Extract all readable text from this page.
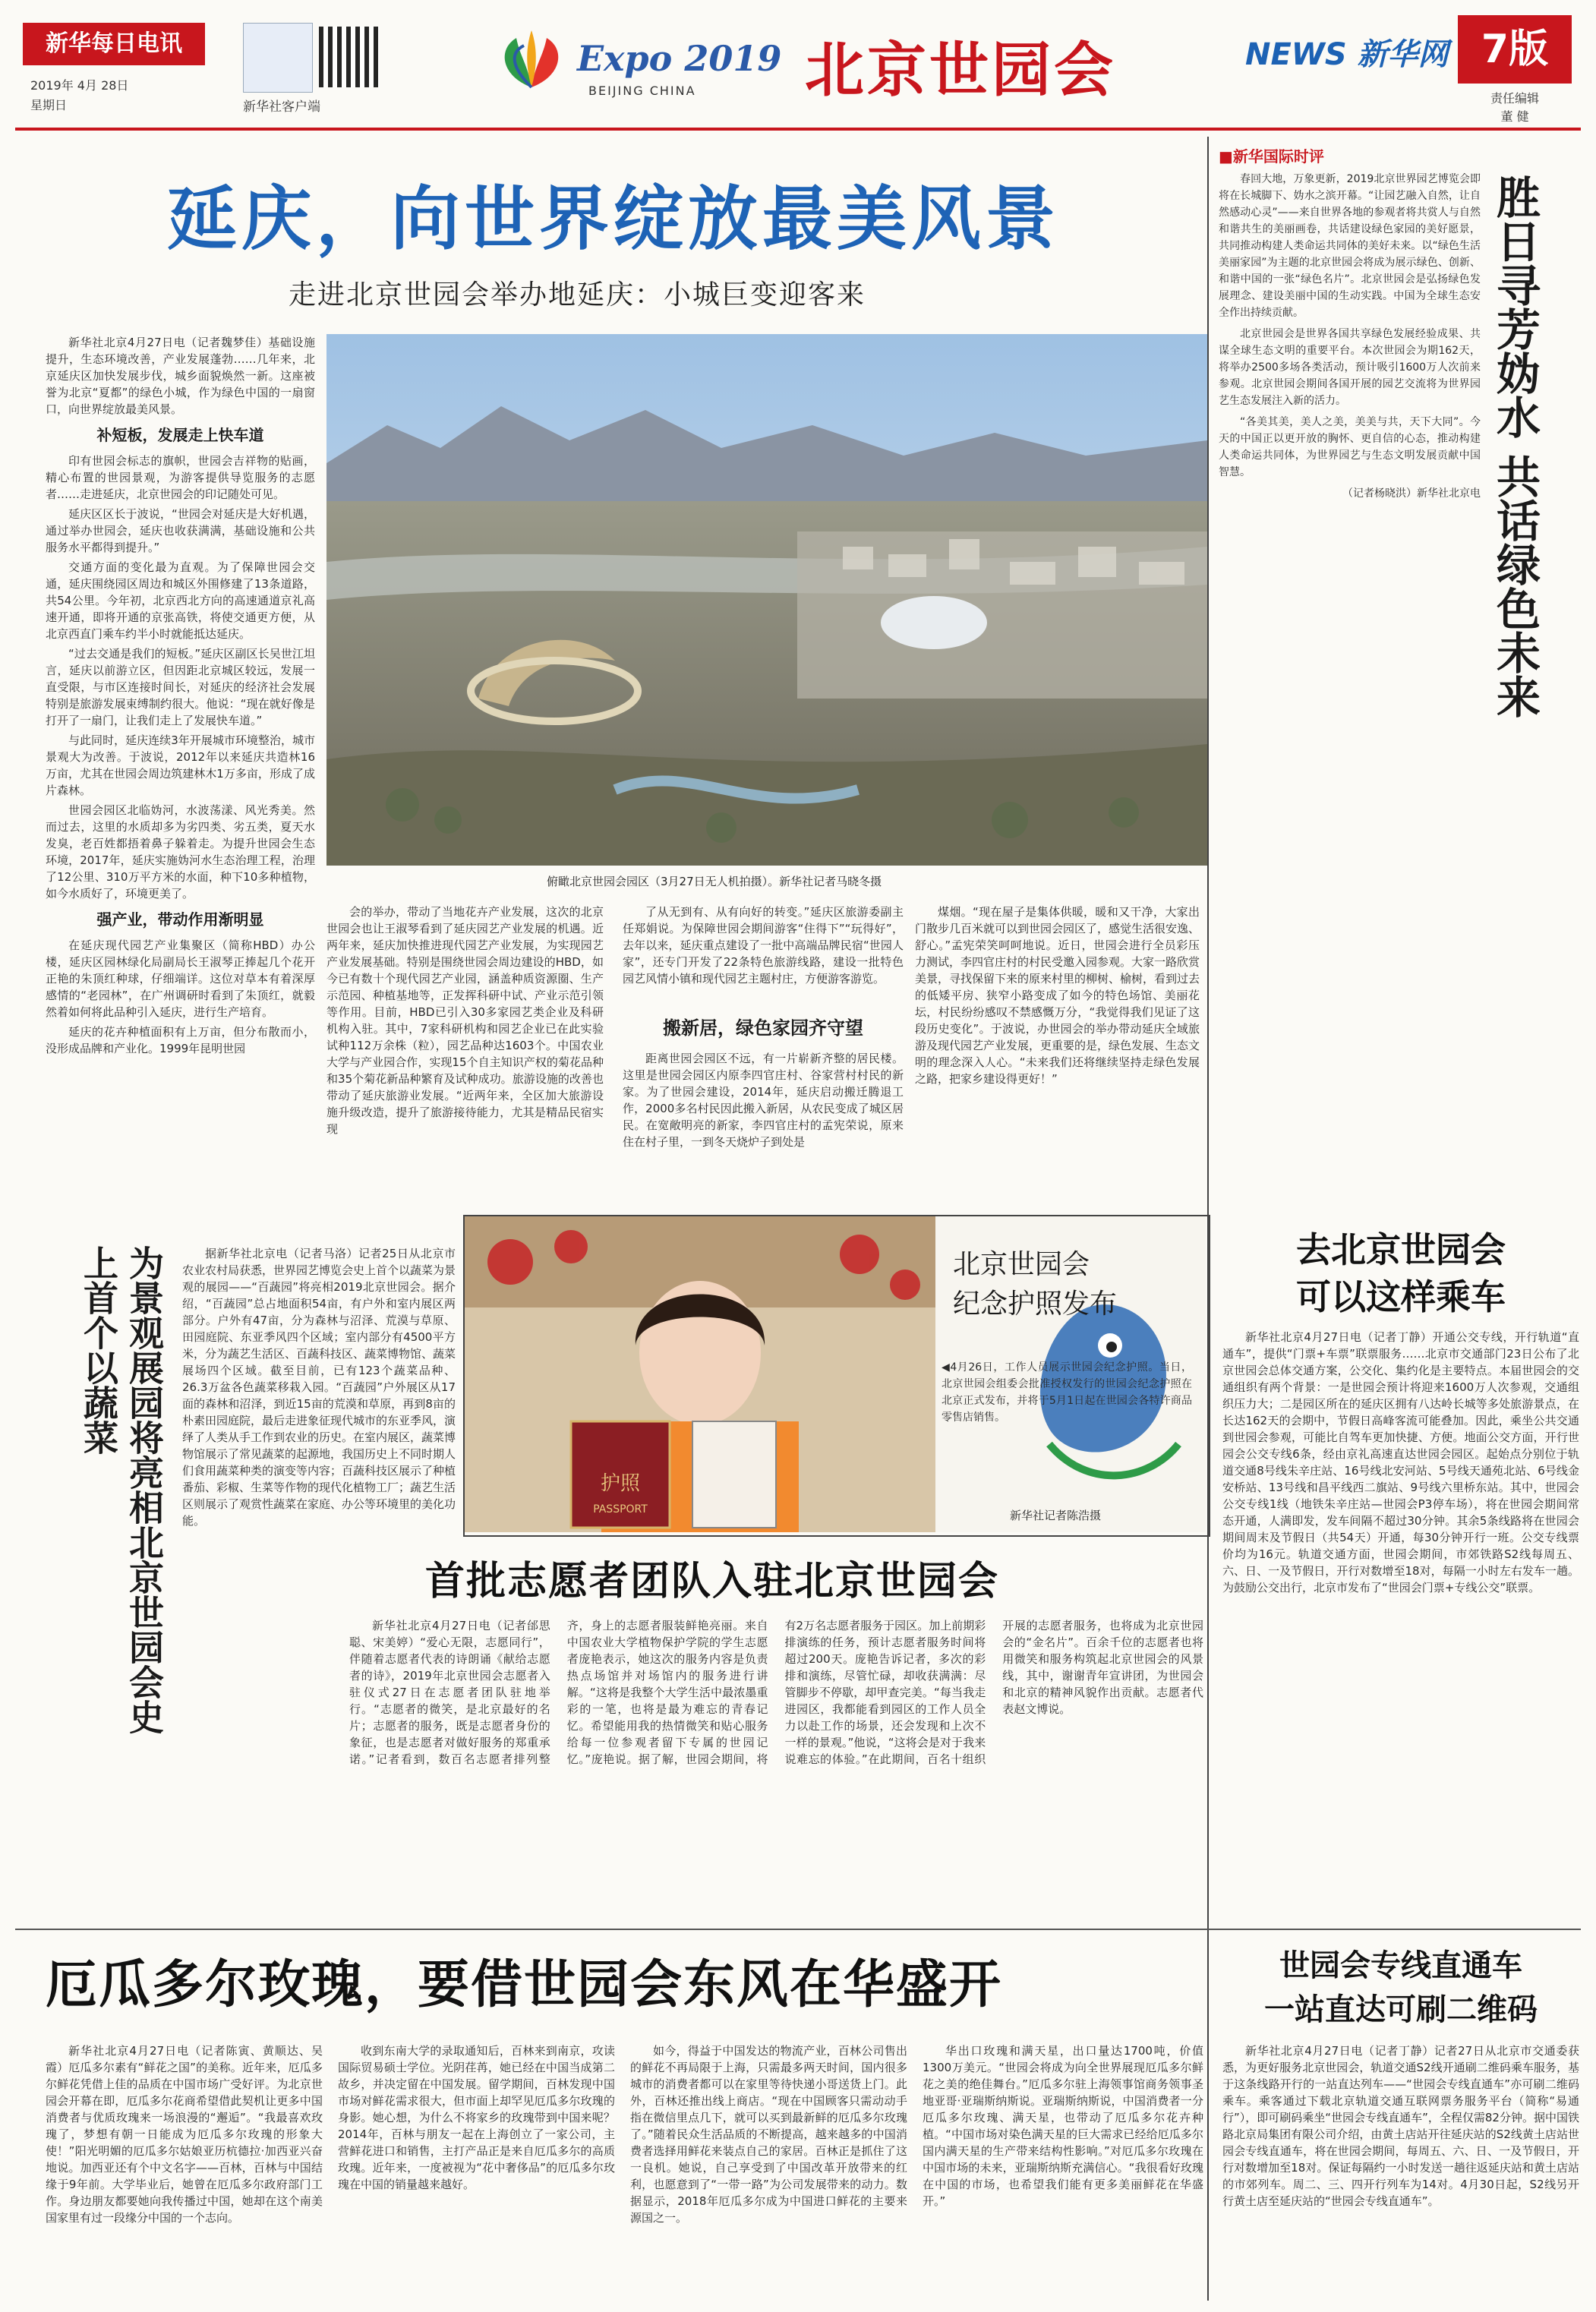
新华每日电讯
2019年 4月 28日
星期日	新华社客户端
Expo 2019
BEIJING CHINA 北京世园会	NEWS 新华网 7版
责任编辑
董 健
延庆，向世界绽放最美风景
走进北京世园会举办地延庆：小城巨变迎客来

新华社北京4月27日电（记者魏梦佳）基础设施提升，生态环境改善，产业发展蓬勃……几年来，北京延庆区加快发展步伐，城乡面貌焕然一新。这座被誉为北京“夏都”的绿色小城，作为绿色中国的一扇窗口，向世界绽放最美风景。

补短板，发展走上快车道

印有世园会标志的旗帜，世园会吉祥物的贴画，精心布置的世园景观，为游客提供导览服务的志愿者……走进延庆，北京世园会的印记随处可见。

延庆区区长于波说，“世园会对延庆是大好机遇，通过举办世园会，延庆也收获满满，基础设施和公共服务水平都得到提升。”

交通方面的变化最为直观。为了保障世园会交通，延庆围绕园区周边和城区外围修建了13条道路，共54公里。今年初，北京西北方向的高速通道京礼高速开通，即将开通的京张高铁，将使交通更方便，从北京西直门乘车约半小时就能抵达延庆。

“过去交通是我们的短板。”延庆区副区长吴世江坦言，延庆以前游立区，但因距北京城区较远，发展一直受限，与市区连接时间长，对延庆的经济社会发展特别是旅游发展束缚制约很大。他说：“现在就好像是打开了一扇门，让我们走上了发展快车道。”

与此同时，延庆连续3年开展城市环境整治，城市景观大为改善。于波说，2012年以来延庆共造林16万亩，尤其在世园会周边筑建林木1万多亩，形成了成片森林。

世园会园区北临妫河，水波荡漾、风光秀美。然而过去，这里的水质却多为劣四类、劣五类，夏天水发臭，老百姓都捂着鼻子躲着走。为提升世园会生态环境，2017年，延庆实施妫河水生态治理工程，治理了12公里、310万平方米的水面，种下10多种植物，如今水质好了，环境更美了。

强产业，带动作用渐明显

在延庆现代园艺产业集聚区（简称HBD）办公楼，延庆区园林绿化局副局长王淑琴正捧起几个花开正艳的朱顶红种球，仔细端详。这位对草本有着深厚感情的“老园林”，在广州调研时看到了朱顶红，就毅然着如何将此品种引入延庆，进行生产培育。

延庆的花卉种植面积有上万亩，但分布散而小，没形成品牌和产业化。1999年昆明世园

俯瞰北京世园会园区（3月27日无人机拍摄）。新华社记者马晓冬摄
会的举办，带动了当地花卉产业发展，这次的北京世园会也让王淑琴看到了延庆园艺产业发展的机遇。近两年来，延庆加快推进现代园艺产业发展，为实现园艺产业发展基础。特别是围绕世园会周边建设的HBD，如今已有数十个现代园艺产业园，涵盖种质资源圈、生产示范园、种植基地等，正发挥科研中试、产业示范引领等作用。目前，HBD已引入30多家园艺类企业及科研机构入驻。其中，7家科研机构和园艺企业已在此实验试种112万余株（粒），园艺品种达1603个。中国农业大学与产业园合作，实现15个自主知识产权的菊花品种和35个菊花新品种繁育及试种成功。旅游设施的改善也带动了延庆旅游业发展。“近两年来，全区加大旅游设施升级改造，提升了旅游接待能力，尤其是精品民宿实现
了从无到有、从有向好的转变。”延庆区旅游委副主任郑娟说。为保障世园会期间游客“住得下”“玩得好”，去年以来，延庆重点建设了一批中高端品牌民宿“世园人家”，还专门开发了22条特色旅游线路，建设一批特色园艺风情小镇和现代园艺主题村庄，方便游客游览。
搬新居，绿色家园齐守望
距离世园会园区不远，有一片崭新齐整的居民楼。这里是世园会园区内原李四官庄村、谷家营村村民的新家。为了世园会建设，2014年，延庆启动搬迁腾退工作，2000多名村民因此搬入新居，从农民变成了城区居民。在宽敞明亮的新家，李四官庄村的孟宪荣说，原来住在村子里，一到冬天烧炉子到处是
煤烟。“现在屋子是集体供暖，暖和又干净，大家出门散步几百米就可以到世园会园区了，感觉生活很安逸、舒心。”孟宪荣笑呵呵地说。近日，世园会进行全员彩压力测试，李四官庄村的村民受邀入园参观。大家一路欣赏美景，寻找保留下来的原来村里的柳树、榆树，看到过去的低矮平房、狭窄小路变成了如今的特色场馆、美丽花坛，村民纷纷感叹不禁感慨万分，“我觉得我们见证了这段历史变化”。于波说，办世园会的举办带动延庆全域旅游及现代园艺产业发展，更重要的是，绿色发展、生态文明的理念深入人心。“未来我们还将继续坚持走绿色发展之路，把家乡建设得更好！”
■新华国际时评

春回大地，万象更新，2019北京世界园艺博览会即将在长城脚下、妫水之滨开幕。“让园艺融入自然，让自然感动心灵”——来自世界各地的参观者将共赏人与自然和谐共生的美丽画卷，共话建设绿色家园的美好愿景，共同推动构建人类命运共同体的美好未来。以“绿色生活 美丽家园”为主题的北京世园会将成为展示绿色、创新、和谐中国的一张“绿色名片”。北京世园会是弘扬绿色发展理念、建设美丽中国的生动实践。中国为全球生态安全作出持续贡献。

北京世园会是世界各国共享绿色发展经验成果、共谋全球生态文明的重要平台。本次世园会为期162天，将举办2500多场各类活动，预计吸引1600万人次前来参观。北京世园会期间各国开展的园艺交流将为世界园艺生态发展注入新的活力。

“各美其美，美人之美，美美与共，天下大同”。今天的中国正以更开放的胸怀、更自信的心态，推动构建人类命运共同体，为世界园艺与生态文明发展贡献中国智慧。

（记者杨晓洪）新华社北京电 胜日寻芳妫水 共话绿色未来
为景观展园将亮相北京世园会史上首个以蔬菜	据新华社北京电（记者马洛）记者25日从北京市农业农村局获悉，世界园艺博览会史上首个以蔬菜为景观的展园——“百蔬园”将亮相2019北京世园会。据介绍，“百蔬园”总占地面积54亩，有户外和室内展区两部分。户外有47亩，分为森林与沼泽、荒漠与草原、田园庭院、东亚季风四个区域；室内部分有4500平方米，分为蔬艺生活区、百蔬科技区、蔬菜博物馆、蔬菜展场四个区域。截至目前，已有123个蔬菜品种、26.3万盆各色蔬菜移栽入园。“百蔬园”户外展区从17面的森林和沼泽，到近15亩的荒漠和草原，再到8亩的朴素田园庭院，最后走进象征现代城市的东亚季风，演绎了人类从手工作到农业的历史。在室内展区，蔬菜博物馆展示了常见蔬菜的起源地，我国历史上不同时期人们食用蔬菜种类的演变等内容；百蔬科技区展示了种植番茄、彩椒、生菜等作物的现代化植物工厂；蔬艺生活区则展示了观赏性蔬菜在家庭、办公等环境里的美化功能。
护照
PASSPORT
北京世园会
纪念护照发布
◀4月26日，工作人员展示世园会纪念护照。当日，北京世园会组委会批准授权发行的世园会纪念护照在北京正式发布，并将于5月1日起在世园会各特许商品零售店销售。
新华社记者陈浩摄
首批志愿者团队入驻北京世园会
新华社北京4月27日电（记者邰思聪、宋美婷）“爱心无限，志愿同行”，伴随着志愿者代表的诗朗诵《献给志愿者的诗》，2019年北京世园会志愿者入驻仪式27日在志愿者团队驻地举行。“志愿者的微笑，是北京最好的名片；志愿者的服务，既是志愿者身份的象征，也是志愿者对做好服务的郑重承诺。”记者看到，数百名志愿者排列整齐，身上的志愿者服装鲜艳亮丽。来自中国农业大学植物保护学院的学生志愿者庞艳表示，她这次的服务内容是负责热点场馆并对场馆内的服务进行讲解。“这将是我整个大学生活中最浓墨重彩的一笔，也将是最为难忘的青春记忆。希望能用我的热情微笑和贴心服务给每一位参观者留下专属的世园记忆。”庞艳说。据了解，世园会期间，将有2万名志愿者服务于园区。加上前期彩排演练的任务，预计志愿者服务时间将超过200天。庞艳告诉记者，多次的彩排和演练，尽管忙碌，却收获满满：尽管脚步不停歇，却甲查完美。“每当我走进园区，我都能看到园区的工作人员全力以赴工作的场景，还会发现和上次不一样的景观。”他说，“这将会是对于我来说难忘的体验。”在此期间，百名十组织开展的志愿者服务，也将成为北京世园会的“金名片”。百余千位的志愿者也将用微笑和服务构筑起北京世园会的风景线，其中，谢谢青年宣讲团，为世园会和北京的精神风貌作出贡献。志愿者代表赵文博说。
去北京世园会
可以这样乘车
新华社北京4月27日电（记者丁静）开通公交专线，开行轨道“直通车”，提供“门票+车票”联票服务……北京市交通部门23日公布了北京世园会总体交通方案，公交化、集约化是主要特点。本届世园会的交通组织有两个背景：一是世园会预计将迎来1600万人次参观，交通组织压力大；二是园区所在的延庆区拥有八达岭长城等多处旅游景点，在长达162天的会期中，节假日高峰客流可能叠加。因此，乘坐公共交通到世园会参观，可能比自驾车更加快捷、方便。地面公交方面，开行世园会公交专线6条，经由京礼高速直达世园会园区。起始点分别位于轨道交通8号线朱辛庄站、16号线北安河站、5号线天通苑北站、6号线金安桥站、13号线和昌平线西二旗站、9号线六里桥东站。其中，世园会公交专线1线（地铁朱辛庄站—世园会P3停车场），将在世园会期间常态开通，人满即发，发车间隔不超过30分钟。其余5条线路将在世园会期间周末及节假日（共54天）开通，每30分钟开行一班。公交专线票价均为16元。轨道交通方面，世园会期间，市郊铁路S2线每周五、六、日、一及节假日，开行对数增至18对，每隔一小时左右发车一趟。为鼓励公交出行，北京市发布了“世园会门票+专线公交”联票。
世园会专线直通车
一站直达可刷二维码
新华社北京4月27日电（记者丁静）记者27日从北京市交通委获悉，为更好服务北京世园会，轨道交通S2线开通刷二维码乘车服务，基于这条线路开行的一站直达列车——“世园会专线直通车”亦可刷二维码乘车。乘客通过下载北京轨道交通互联网票务服务平台（简称“易通行”），即可刷码乘坐“世园会专线直通车”，全程仅需82分钟。据中国铁路北京局集团有限公司介绍，由黄土店站开往延庆站的S2线黄土店站世园会专线直通车，将在世园会期间，每周五、六、日、一及节假日，开行对数增加至18对。保证每隔约一小时发送一趟往返延庆站和黄土店站的市郊列车。周二、三、四开行列车为14对。4月30日起，S2线另开行黄土店至延庆站的“世园会专线直通车”。
厄瓜多尔玫瑰，要借世园会东风在华盛开
新华社北京4月27日电（记者陈寅、黄顺达、吴霞）厄瓜多尔素有“鲜花之国”的美称。近年来，厄瓜多尔鲜花凭借上佳的品质在中国市场广受好评。为北京世园会开幕在即，厄瓜多尔花商希望借此契机让更多中国消费者与优质玫瑰来一场浪漫的“邂逅”。“我最喜欢玫瑰了，梦想有朝一日能成为厄瓜多尔玫瑰的形象大使！”阳光明媚的厄瓜多尔姑娘亚历杭德拉·加西亚兴奋地说。加西亚还有个中文名字——百林，百林与中国结缘于9年前。大学毕业后，她曾在厄瓜多尔政府部门工作。身边朋友都要她向我传播过中国，她却在这个南美国家里有过一段缘分中国的一个志向。
收到东南大学的录取通知后，百林来到南京，攻读国际贸易硕士学位。光阴荏苒，她已经在中国当成第二故乡，并决定留在中国发展。留学期间，百林发现中国市场对鲜花需求很大，但市面上却罕见厄瓜多尔玫瑰的身影。她心想，为什么不将家乡的玫瑰带到中国来呢？2014年，百林与朋友一起在上海创立了一家公司，主营鲜花进口和销售，主打产品正是来自厄瓜多尔的高质玫瑰。近年来，一度被视为“花中奢侈品”的厄瓜多尔玫瑰在中国的销量越来越好。
如今，得益于中国发达的物流产业，百林公司售出的鲜花不再局限于上海，只需最多两天时间，国内很多城市的消费者都可以在家里等待快递小哥送货上门。此外，百林还推出线上商店。“现在中国顾客只需动动手指在微信里点几下，就可以买到最新鲜的厄瓜多尔玫瑰了。”随着民众生活品质的不断提高，越来越多的中国消费者选择用鲜花来装点自己的家居。百林正是抓住了这一良机。她说，自己享受到了中国改革开放带来的红利，也愿意到了“一带一路”为公司发展带来的动力。数据显示，2018年厄瓜多尔成为中国进口鲜花的主要来源国之一。
华出口玫瑰和满天星，出口量达1700吨，价值1300万美元。“世园会将成为向全世界展现厄瓜多尔鲜花之美的绝佳舞台。”厄瓜多尔驻上海领事馆商务领事圣地亚哥·亚瑞斯纳斯说。亚瑞斯纳斯说，中国消费者一分厄瓜多尔玫瑰、满天星，也带动了厄瓜多尔花卉种植。“中国市场对染色满天星的巨大需求已经给厄瓜多尔国内满天星的生产带来结构性影响。”对厄瓜多尔玫瑰在中国市场的未来，亚瑞斯纳斯充满信心。“我很看好玫瑰在中国的市场，也希望我们能有更多美丽鲜花在华盛开。”
